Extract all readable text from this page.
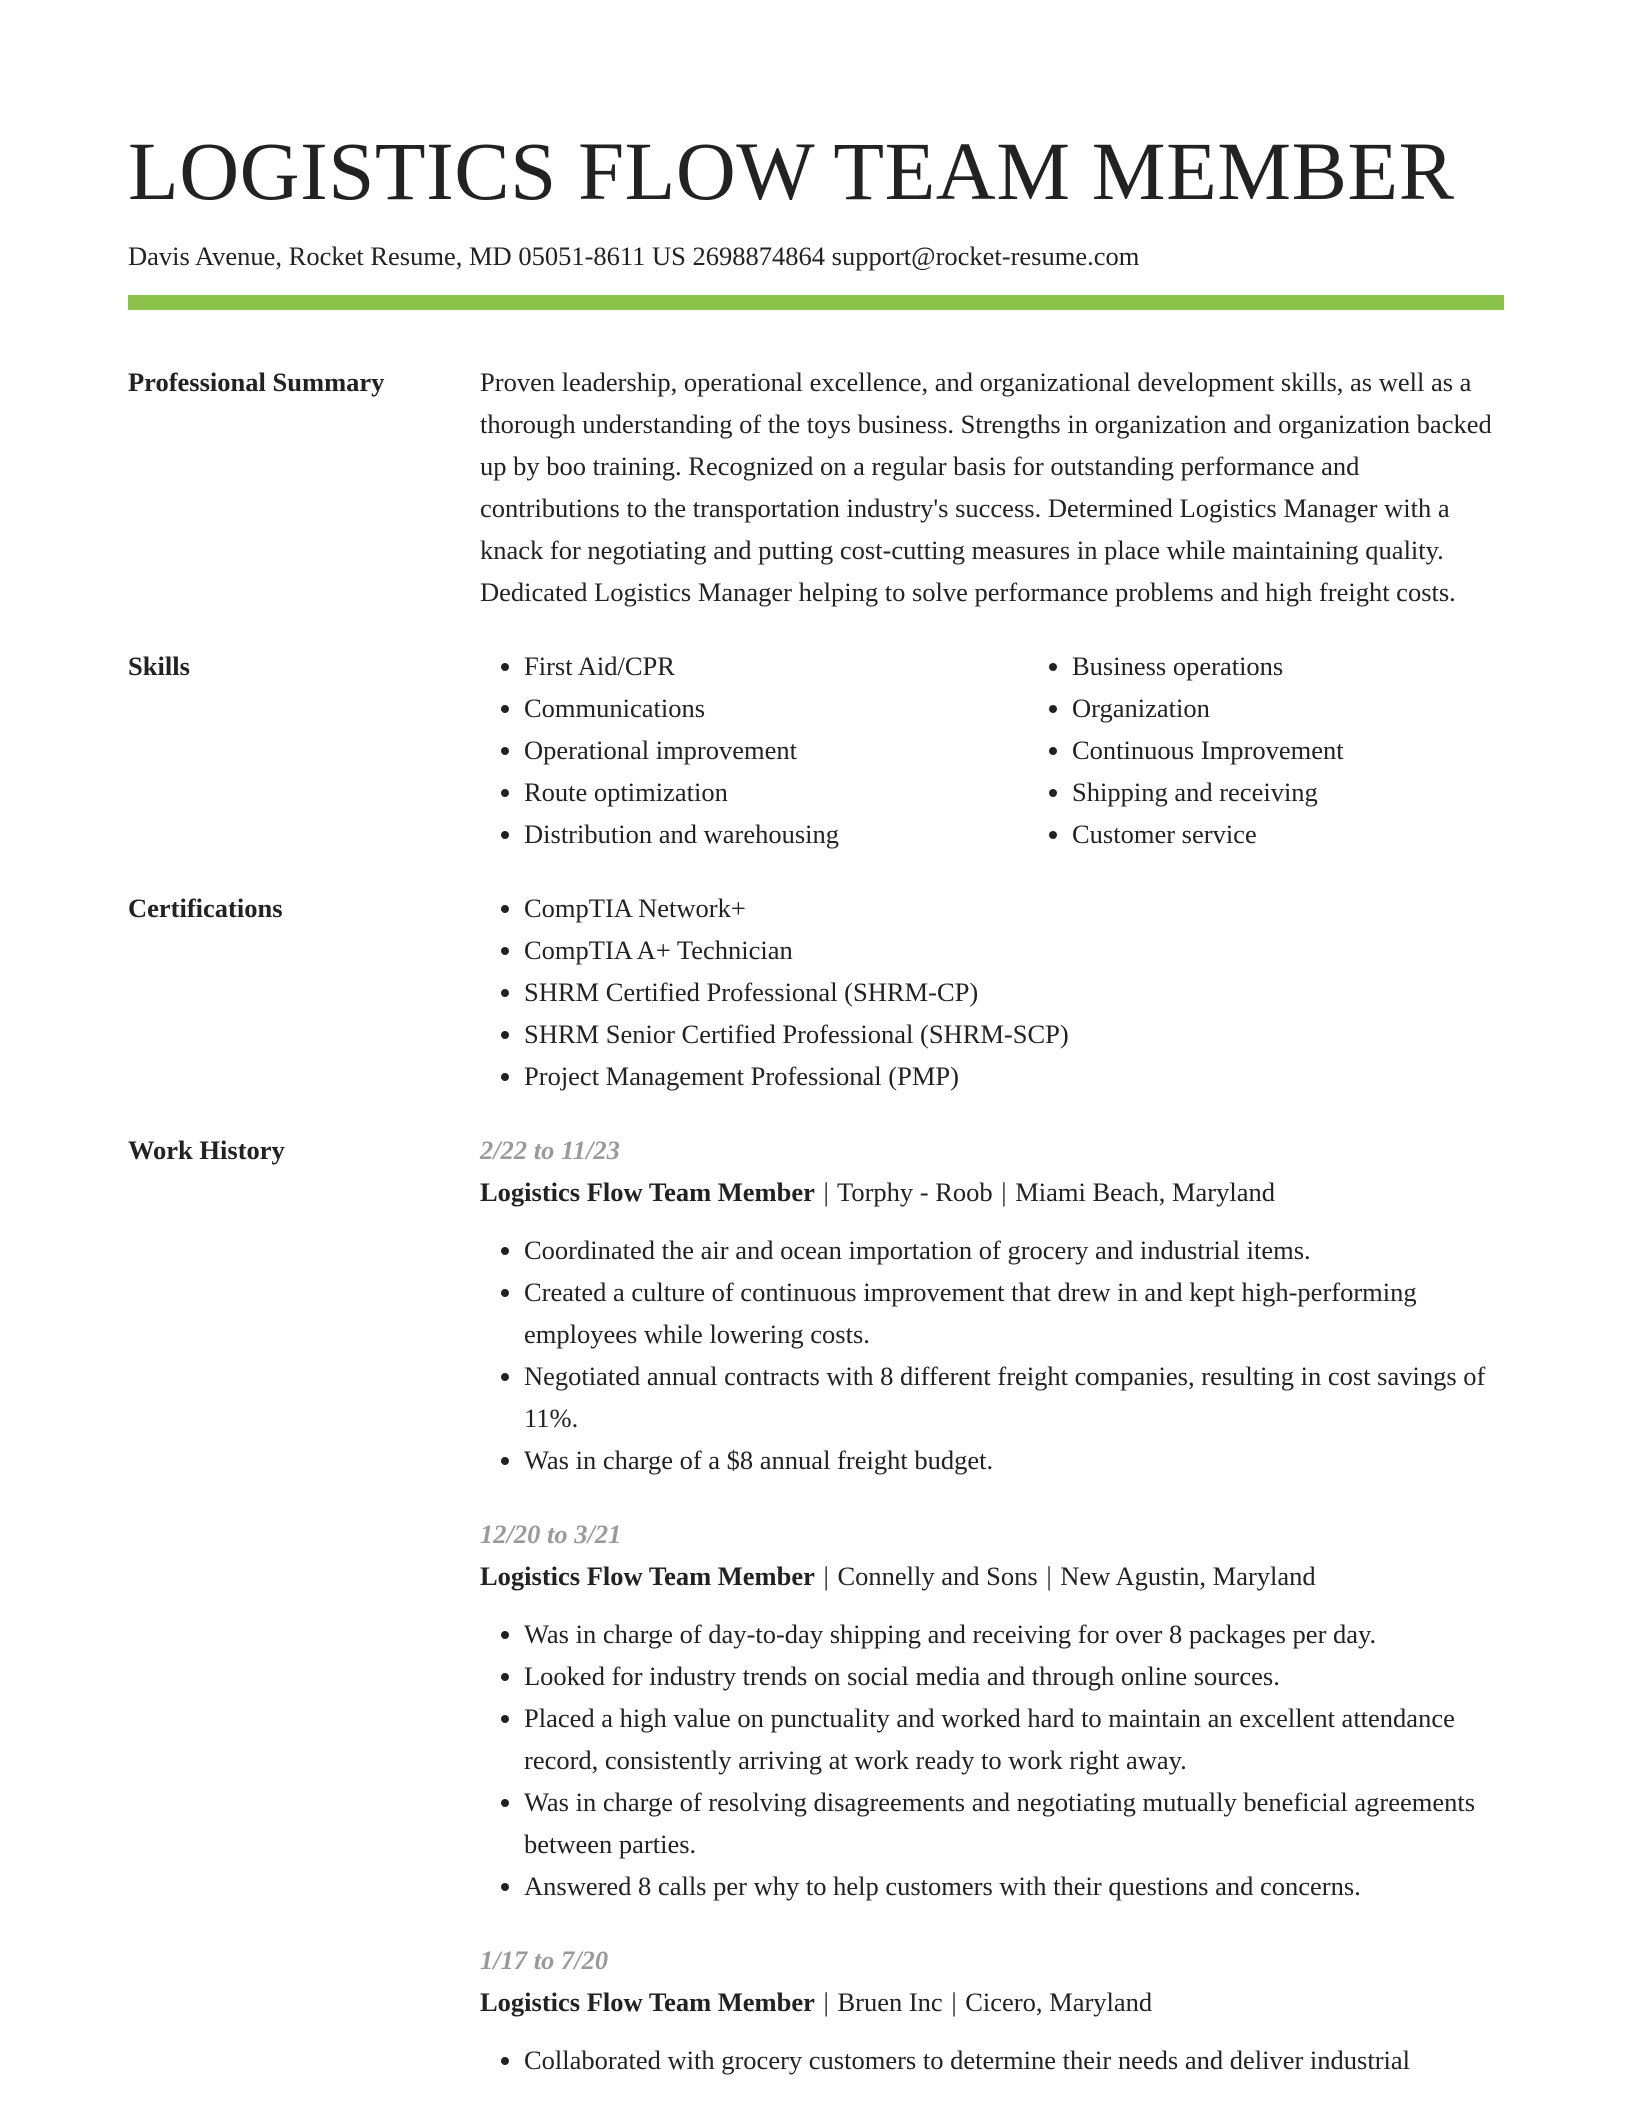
LOGISTICS FLOW TEAM MEMBER
Davis Avenue, Rocket Resume, MD 05051-8611 US 2698874864 support@rocket-resume.com
Professional Summary	Proven leadership, operational excellence, and organizational development skills, as well as a thorough understanding of the toys business. Strengths in organization and organization backed up by boo training. Recognized on a regular basis for outstanding performance and contributions to the transportation industry's success. Determined Logistics Manager with a knack for negotiating and putting cost-cutting measures in place while maintaining quality. Dedicated Logistics Manager helping to solve performance problems and high freight costs.

Skills	• First Aid/CPR
• Communications
• Operational improvement
• Route optimization
• Distribution and warehousing
• Business operations
• Organization
• Continuous Improvement
• Shipping and receiving
• Customer service
Certifications	• CompTIA Network+
• CompTIA A+ Technician
• SHRM Certified Professional (SHRM-CP)
• SHRM Senior Certified Professional (SHRM-SCP)
• Project Management Professional (PMP)
Work History	2/22 to 11/23
Logistics Flow Team Member | Torphy - Roob | Miami Beach, Maryland
• Coordinated the air and ocean importation of grocery and industrial items.
• Created a culture of continuous improvement that drew in and kept high-performing employees while lowering costs.
• Negotiated annual contracts with 8 different freight companies, resulting in cost savings of 11%.
• Was in charge of a $8 annual freight budget.
12/20 to 3/21
Logistics Flow Team Member | Connelly and Sons | New Agustin, Maryland
• Was in charge of day-to-day shipping and receiving for over 8 packages per day.
• Looked for industry trends on social media and through online sources.
• Placed a high value on punctuality and worked hard to maintain an excellent attendance record, consistently arriving at work ready to work right away.
• Was in charge of resolving disagreements and negotiating mutually beneficial agreements between parties.
• Answered 8 calls per why to help customers with their questions and concerns.
1/17 to 7/20
Logistics Flow Team Member | Bruen Inc | Cicero, Maryland
• Collaborated with grocery customers to determine their needs and deliver industrial
